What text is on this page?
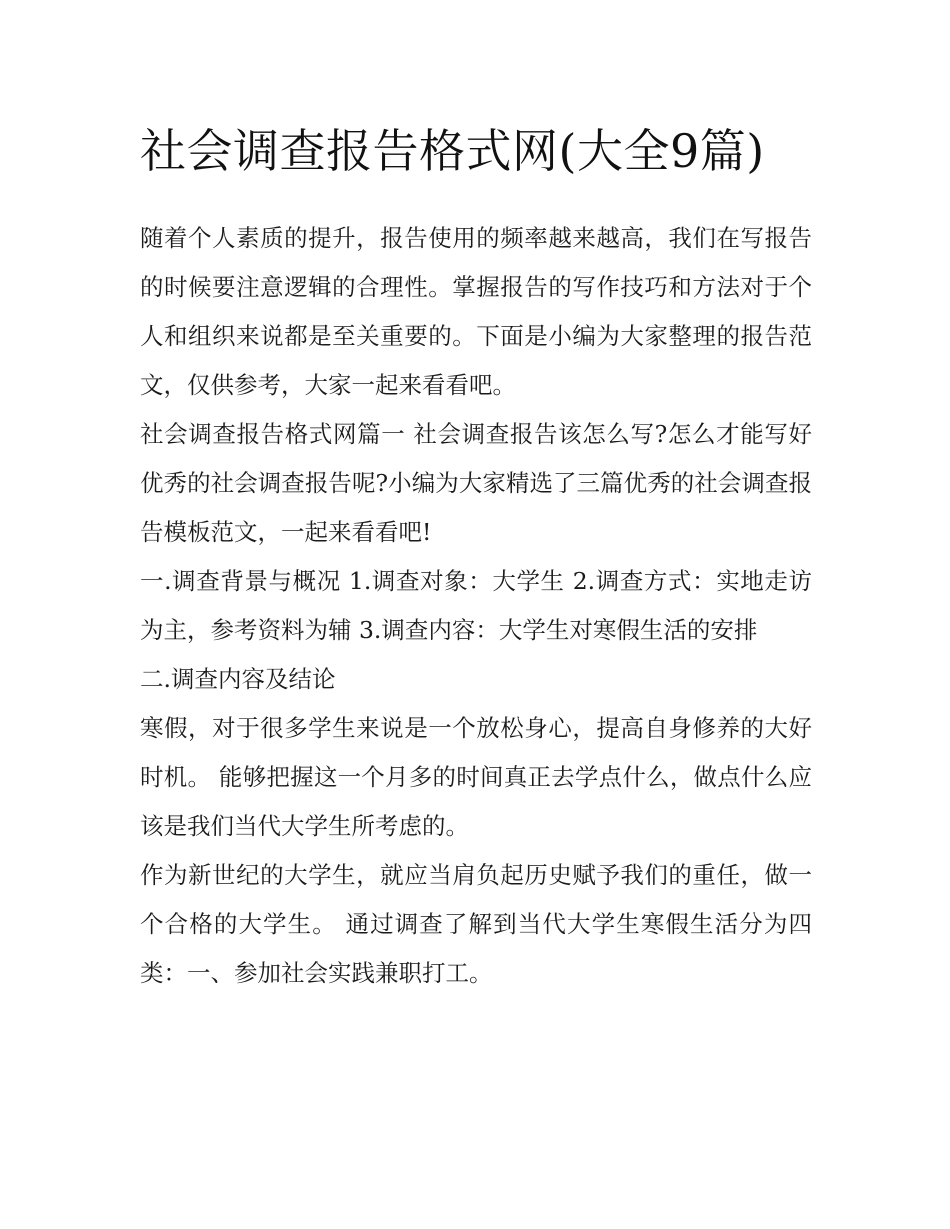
社会调查报告格式网(大全9篇)

随着个人素质的提升，报告使用的频率越来越高，我们在写报告的时候要注意逻辑的合理性。掌握报告的写作技巧和方法对于个人和组织来说都是至关重要的。下面是小编为大家整理的报告范文，仅供参考，大家一起来看看吧。

社会调查报告格式网篇一 社会调查报告该怎么写?怎么才能写好优秀的社会调查报告呢?小编为大家精选了三篇优秀的社会调查报告模板范文，一起来看看吧!

一.调查背景与概况 1.调查对象：大学生 2.调查方式：实地走访为主，参考资料为辅 3.调查内容：大学生对寒假生活的安排

二.调查内容及结论

寒假，对于很多学生来说是一个放松身心，提高自身修养的大好时机。 能够把握这一个月多的时间真正去学点什么，做点什么应该是我们当代大学生所考虑的。

作为新世纪的大学生，就应当肩负起历史赋予我们的重任，做一个合格的大学生。 通过调查了解到当代大学生寒假生活分为四类：一、参加社会实践兼职打工。
